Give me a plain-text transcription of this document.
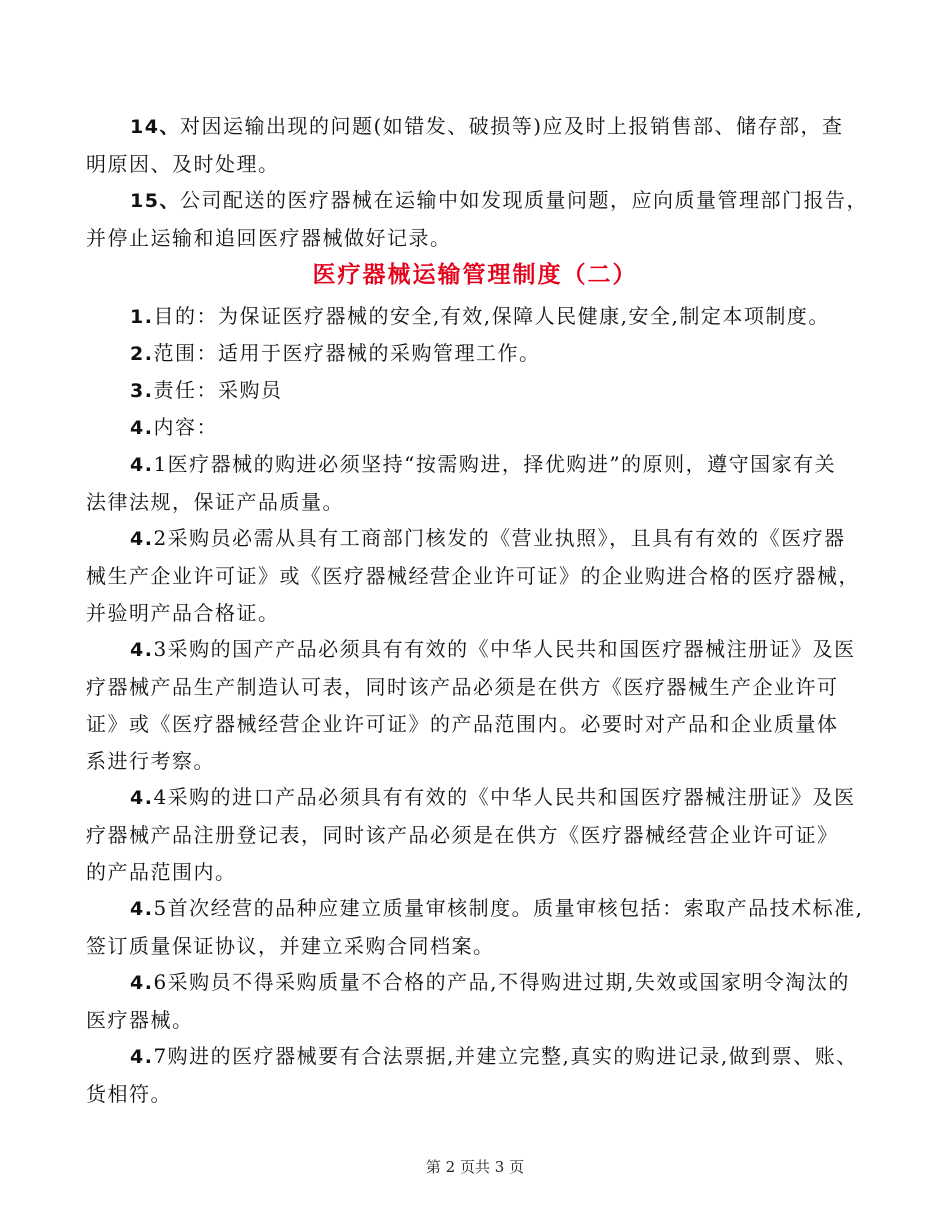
14、对因运输出现的问题(如错发、破损等)应及时上报销售部、储存部，查
明原因、及时处理。
15、公司配送的医疗器械在运输中如发现质量问题，应向质量管理部门报告，
并停止运输和追回医疗器械做好记录。
医疗器械运输管理制度（二）
1.目的：为保证医疗器械的安全,有效,保障人民健康,安全,制定本项制度。
2.范围：适用于医疗器械的采购管理工作。
3.责任：采购员
4.内容：
4.1医疗器械的购进必须坚持“按需购进，择优购进”的原则，遵守国家有关
法律法规，保证产品质量。
4.2采购员必需从具有工商部门核发的《营业执照》，且具有有效的《医疗器
械生产企业许可证》或《医疗器械经营企业许可证》的企业购进合格的医疗器械，
并验明产品合格证。
4.3采购的国产产品必须具有有效的《中华人民共和国医疗器械注册证》及医
疗器械产品生产制造认可表，同时该产品必须是在供方《医疗器械生产企业许可
证》或《医疗器械经营企业许可证》的产品范围内。必要时对产品和企业质量体
系进行考察。
4.4采购的进口产品必须具有有效的《中华人民共和国医疗器械注册证》及医
疗器械产品注册登记表，同时该产品必须是在供方《医疗器械经营企业许可证》
的产品范围内。
4.5首次经营的品种应建立质量审核制度。质量审核包括：索取产品技术标准,
签订质量保证协议，并建立采购合同档案。
4.6采购员不得采购质量不合格的产品,不得购进过期,失效或国家明令淘汰的
医疗器械。
4.7购进的医疗器械要有合法票据,并建立完整,真实的购进记录,做到票、账、
货相符。
第 2 页共 3 页
